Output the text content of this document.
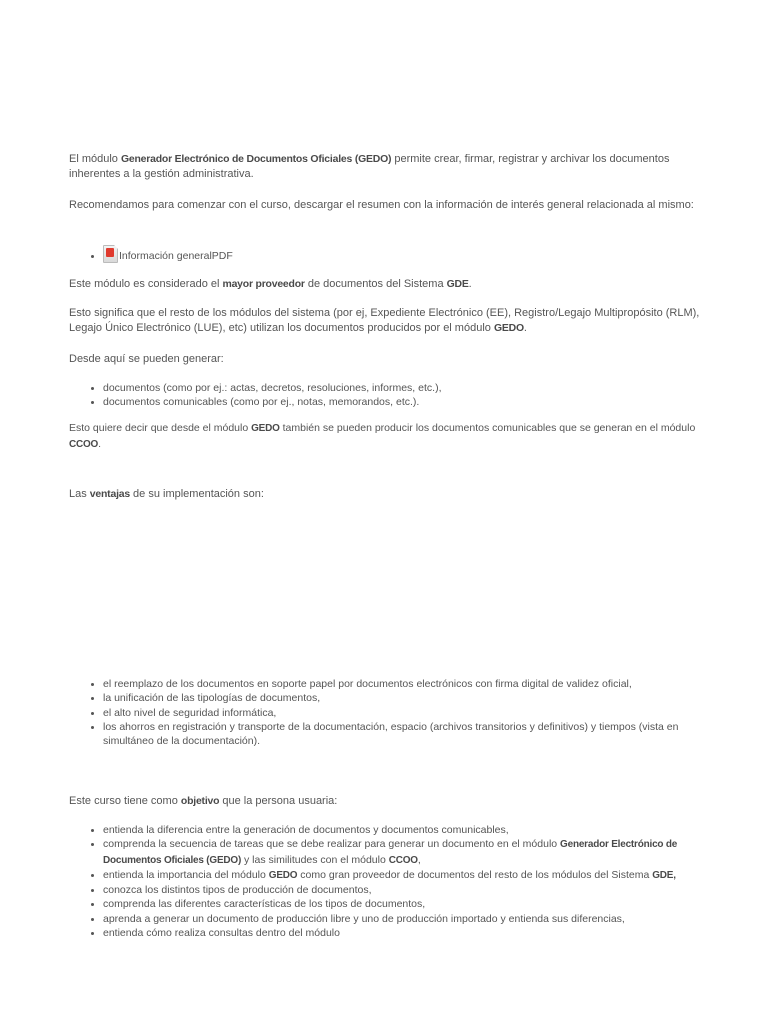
El módulo Generador Electrónico de Documentos Oficiales (GEDO) permite crear, firmar, registrar y archivar los documentos inherentes a la gestión administrativa.

Recomendamos para comenzar con el curso, descargar el resumen con la información de interés general relacionada al mismo:

• Información generalPDF

Este módulo es considerado el mayor proveedor de documentos del Sistema GDE.

Esto significa que el resto de los módulos del sistema (por ej, Expediente Electrónico (EE), Registro/Legajo Multipropósito (RLM), Legajo Único Electrónico (LUE), etc) utilizan los documentos producidos por el módulo GEDO.

Desde aquí se pueden generar:

• documentos (como por ej.: actas, decretos, resoluciones, informes, etc.),
• documentos comunicables (como por ej., notas, memorandos, etc.).

Esto quiere decir que desde el módulo GEDO también se pueden producir los documentos comunicables que se generan en el módulo CCOO.

Las ventajas de su implementación son:

• el reemplazo de los documentos en soporte papel por documentos electrónicos con firma digital de validez oficial,
• la unificación de las tipologías de documentos,
• el alto nivel de seguridad informática,
• los ahorros en registración y transporte de la documentación, espacio (archivos transitorios y definitivos) y tiempos (vista en simultáneo de la documentación).

Este curso tiene como objetivo que la persona usuaria:

• entienda la diferencia entre la generación de documentos y documentos comunicables,
• comprenda la secuencia de tareas que se debe realizar para generar un documento en el módulo Generador Electrónico de Documentos Oficiales (GEDO) y las similitudes con el módulo CCOO,
• entienda la importancia del módulo GEDO como gran proveedor de documentos del resto de los módulos del Sistema GDE,
• conozca los distintos tipos de producción de documentos,
• comprenda las diferentes características de los tipos de documentos,
• aprenda a generar un documento de producción libre y uno de producción importado y entienda sus diferencias,
• entienda cómo realiza consultas dentro del módulo
